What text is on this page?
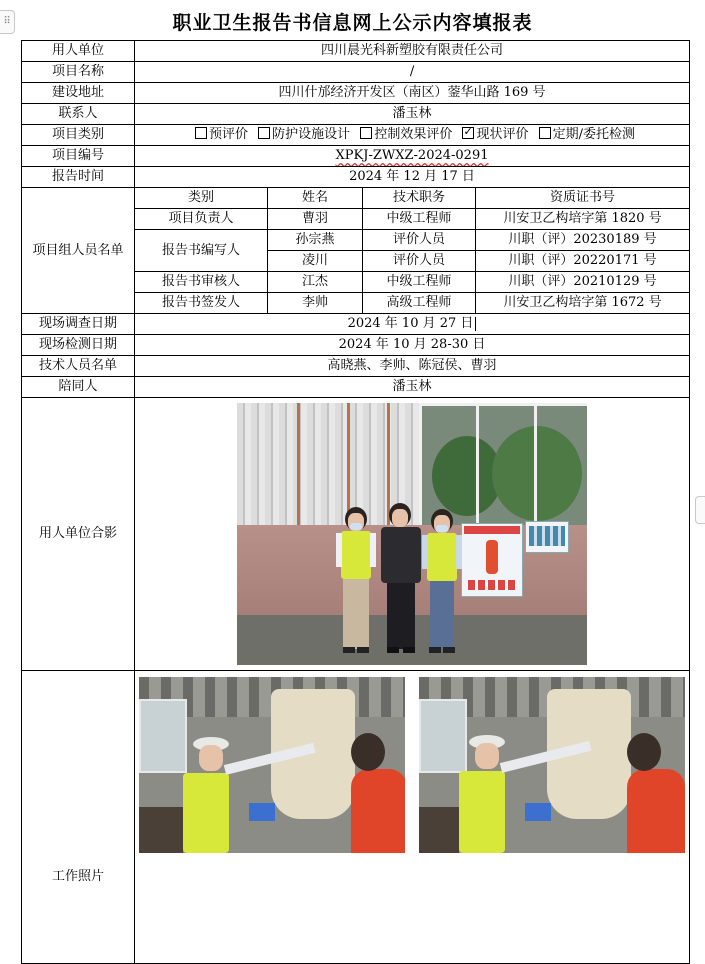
⠿	职业卫生报告书信息网上公示内容填报表
用人单位	四川晨光科新塑胶有限责任公司			
项目名称	/			
建设地址	四川什邡经济开发区（南区）蓥华山路 169 号			
联系人	潘玉林			
项目类别	预评价 防护设施设计 控制效果评价 ✓ 现状评价 定期/委托检测
项目编号	XPKJ-ZWXZ-2024-0291			
报告时间	2024 年 12 月 17 日			
项目组人员名单	类别	姓名	技术职务	资质证书号
	项目负责人	曹羽	中级工程师	川安卫乙构培字第 1820 号
	报告书编写人	孙宗燕	评价人员	川职（评）20230189 号
		凌川	评价人员	川职（评）20220171 号
	报告书审核人	江杰	中级工程师	川职（评）20210129 号
	报告书签发人	李帅	高级工程师	川安卫乙构培字第 1672 号
现场调查日期	2024 年 10 月 27 日			
现场检测日期	2024 年 10 月 28-30 日			
技术人员名单	高晓燕、李帅、陈冠侯、曹羽			
陪同人	潘玉林			
用人单位合影				

工作照片				
